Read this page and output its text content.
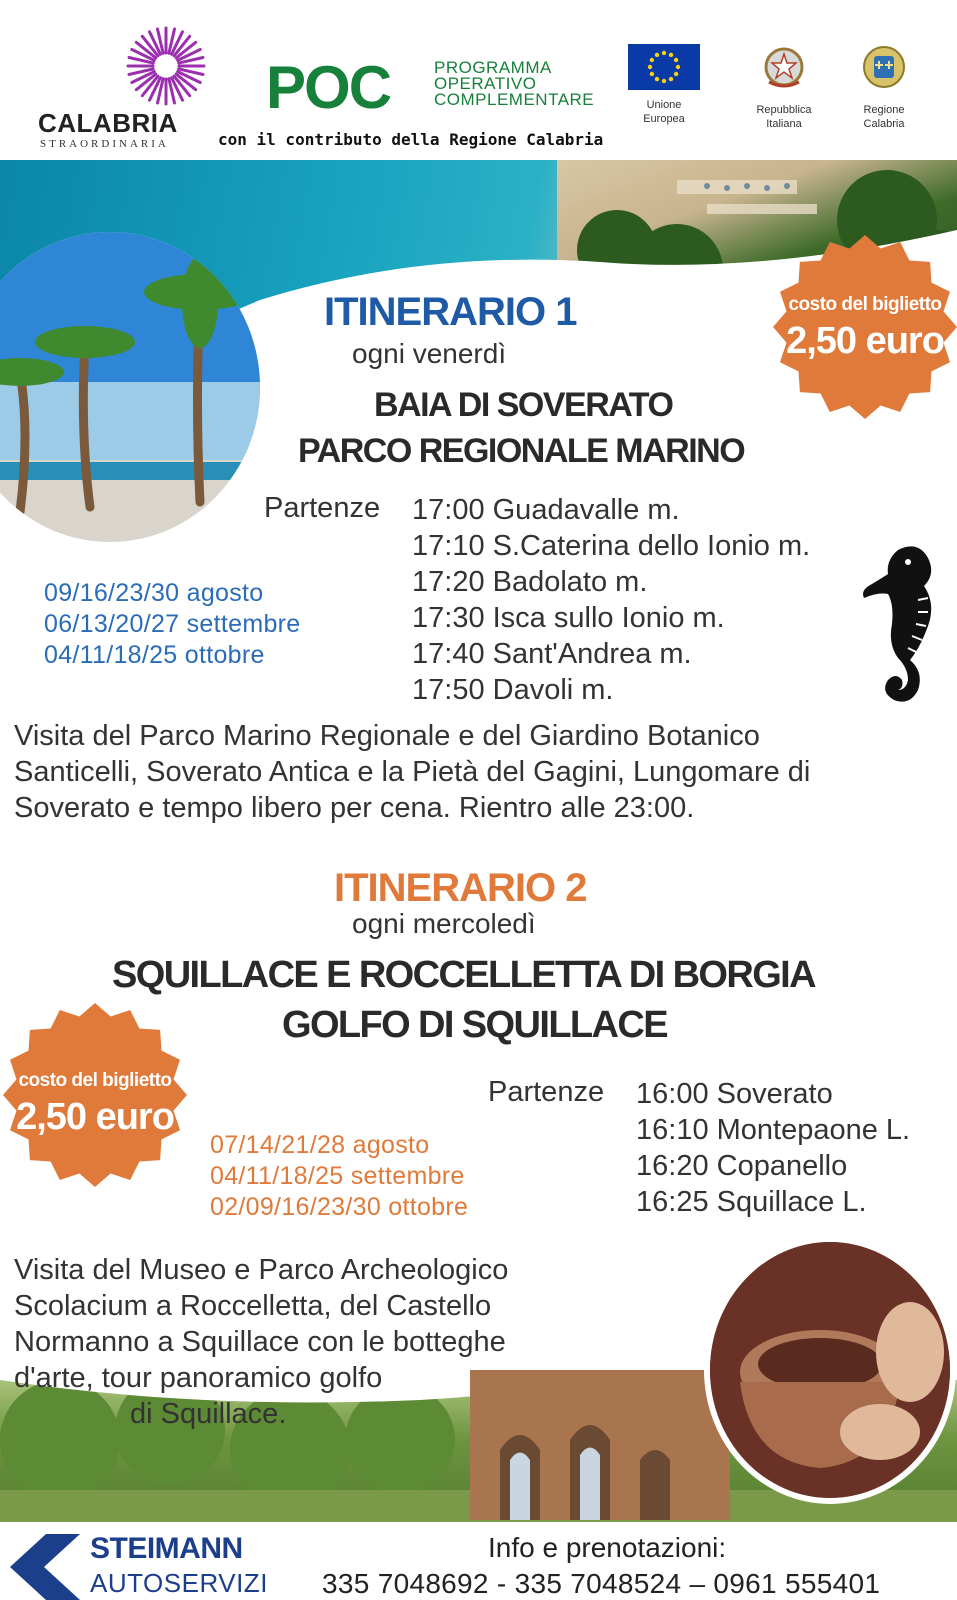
CALABRIA
STRAORDINARIA
POC	PROGRAMMA
OPERATIVO
COMPLEMENTARE
con il contributo della Regione Calabria
Unione
Europea
Repubblica
Italiana
Regione
Calabria
costo del biglietto
2,50 euro
ITINERARIO 1
ogni venerdì
BAIA DI SOVERATO
PARCO REGIONALE MARINO
Partenze 17:00 Guadavalle m.
17:10 S.Caterina dello Ionio m.
17:20 Badolato m.
17:30 Isca sullo Ionio m.
17:40 Sant'Andrea m.
17:50 Davoli m.
09/16/23/30 agosto
06/13/20/27 settembre
04/11/18/25 ottobre
Visita del Parco Marino Regionale e del Giardino Botanico
Santicelli, Soverato Antica e la Pietà del Gagini, Lungomare di
Soverato e tempo libero per cena. Rientro alle 23:00.
ITINERARIO 2
ogni mercoledì
SQUILLACE E ROCCELLETTA DI BORGIA
GOLFO DI SQUILLACE
costo del biglietto
2,50 euro
Partenze 16:00 Soverato
16:10 Montepaone L.
16:20 Copanello
16:25 Squillace L.
07/14/21/28 agosto
04/11/18/25 settembre
02/09/16/23/30 ottobre
Visita del Museo e Parco Archeologico
Scolacium a Roccelletta, del Castello
Normanno a Squillace con le botteghe
d'arte, tour panoramico golfo
di Squillace.
STEIMANN
AUTOSERVIZI
Info e prenotazioni:
335 7048692 - 335 7048524 – 0961 555401
